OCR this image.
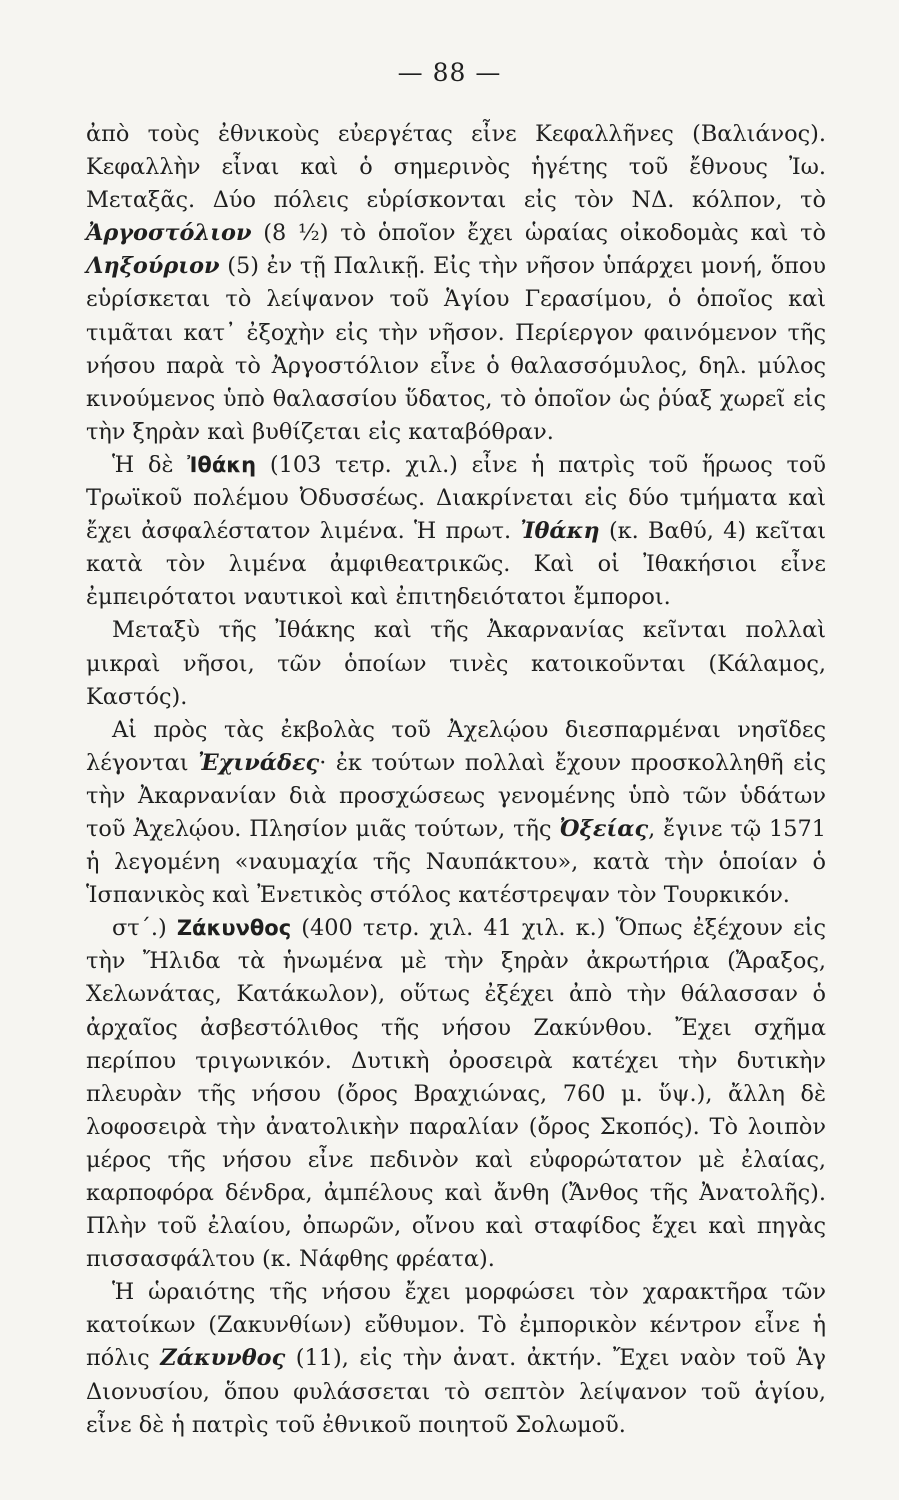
— 88 —

ἀπὸ τοὺς ἐθνικοὺς εὐεργέτας εἶνε Κεφαλλῆνες (Βαλιάνος). Κεφαλλὴν εἶναι καὶ ὁ σημερινὸς ἡγέτης τοῦ ἔθνους Ἰω. Μεταξᾶς. Δύο πόλεις εὑρίσκονται εἰς τὸν ΝΔ. κόλπον, τὸ Ἀργοστόλιον (8 ½) τὸ ὁποῖον ἔχει ὡραίας οἰκοδομὰς καὶ τὸ Ληξούριον (5) ἐν τῇ Παλικῇ. Εἰς τὴν νῆσον ὑπάρχει μονή, ὅπου εὑρίσκεται τὸ λείψανον τοῦ Ἁγίου Γερασίμου, ὁ ὁποῖος καὶ τιμᾶται κατ᾽ ἐξοχὴν εἰς τὴν νῆσον. Περίεργον φαινόμενον τῆς νήσου παρὰ τὸ Ἀργοστόλιον εἶνε ὁ θαλασσόμυλος, δηλ. μύλος κινούμενος ὑπὸ θαλασσίου ὕδατος, τὸ ὁποῖον ὡς ῥύαξ χωρεῖ εἰς τὴν ξηρὰν καὶ βυθίζεται εἰς καταβόθραν.

Ἡ δὲ Ἰθάκη (103 τετρ. χιλ.) εἶνε ἡ πατρὶς τοῦ ἥρωος τοῦ Τρωϊκοῦ πολέμου Ὀδυσσέως. Διακρίνεται εἰς δύο τμήματα καὶ ἔχει ἀσφαλέστατον λιμένα. Ἡ πρωτ. Ἰθάκη (κ. Βαθύ, 4) κεῖται κατὰ τὸν λιμένα ἀμφιθεατρικῶς. Καὶ οἱ Ἰθακήσιοι εἶνε ἐμπειρότατοι ναυτικοὶ καὶ ἐπιτηδειότατοι ἔμποροι.

Μεταξὺ τῆς Ἰθάκης καὶ τῆς Ἀκαρνανίας κεῖνται πολλαὶ μικραὶ νῆσοι, τῶν ὁποίων τινὲς κατοικοῦνται (Κάλαμος, Καστός).

Αἱ πρὸς τὰς ἐκβολὰς τοῦ Ἀχελῴου διεσπαρμέναι νησῖδες λέγονται Ἐχινάδες· ἐκ τούτων πολλαὶ ἔχουν προσκολληθῆ εἰς τὴν Ἀκαρνανίαν διὰ προσχώσεως γενομένης ὑπὸ τῶν ὑδάτων τοῦ Ἀχελῴου. Πλησίον μιᾶς τούτων, τῆς Ὀξείας, ἔγινε τῷ 1571 ἡ λεγομένη «ναυμαχία τῆς Ναυπάκτου», κατὰ τὴν ὁποίαν ὁ Ἱσπανικὸς καὶ Ἐνετικὸς στόλος κατέστρεψαν τὸν Τουρκικόν.

στ´.) Ζάκυνθος (400 τετρ. χιλ. 41 χιλ. κ.) Ὅπως ἐξέχουν εἰς τὴν Ἤλιδα τὰ ἡνωμένα μὲ τὴν ξηρὰν ἀκρωτήρια (Ἄραξος, Χελωνάτας, Κατάκωλον), οὕτως ἐξέχει ἀπὸ τὴν θάλασσαν ὁ ἀρχαῖος ἀσβεστόλιθος τῆς νήσου Ζακύνθου. Ἔχει σχῆμα περίπου τριγωνικόν. Δυτικὴ ὀροσειρὰ κατέχει τὴν δυτικὴν πλευρὰν τῆς νήσου (ὄρος Βραχιώνας, 760 μ. ὕψ.), ἄλλη δὲ λοφοσειρὰ τὴν ἀνατολικὴν παραλίαν (ὄρος Σκοπός). Τὸ λοιπὸν μέρος τῆς νήσου εἶνε πεδινὸν καὶ εὐφορώτατον μὲ ἐλαίας, καρποφόρα δένδρα, ἀμπέλους καὶ ἄνθη (Ἄνθος τῆς Ἀνατολῆς). Πλὴν τοῦ ἐλαίου, ὀπωρῶν, οἴνου καὶ σταφίδος ἔχει καὶ πηγὰς πισσασφάλτου (κ. Νάφθης φρέατα).

Ἡ ὡραιότης τῆς νήσου ἔχει μορφώσει τὸν χαρακτῆρα τῶν κατοίκων (Ζακυνθίων) εὔθυμον. Τὸ ἐμπορικὸν κέντρον εἶνε ἡ πόλις Ζάκυνθος (11), εἰς τὴν ἀνατ. ἀκτήν. Ἔχει ναὸν τοῦ Ἁγ Διονυσίου, ὅπου φυλάσσεται τὸ σεπτὸν λείψανον τοῦ ἁγίου, εἶνε δὲ ἡ πατρὶς τοῦ ἐθνικοῦ ποιητοῦ Σολωμοῦ.
